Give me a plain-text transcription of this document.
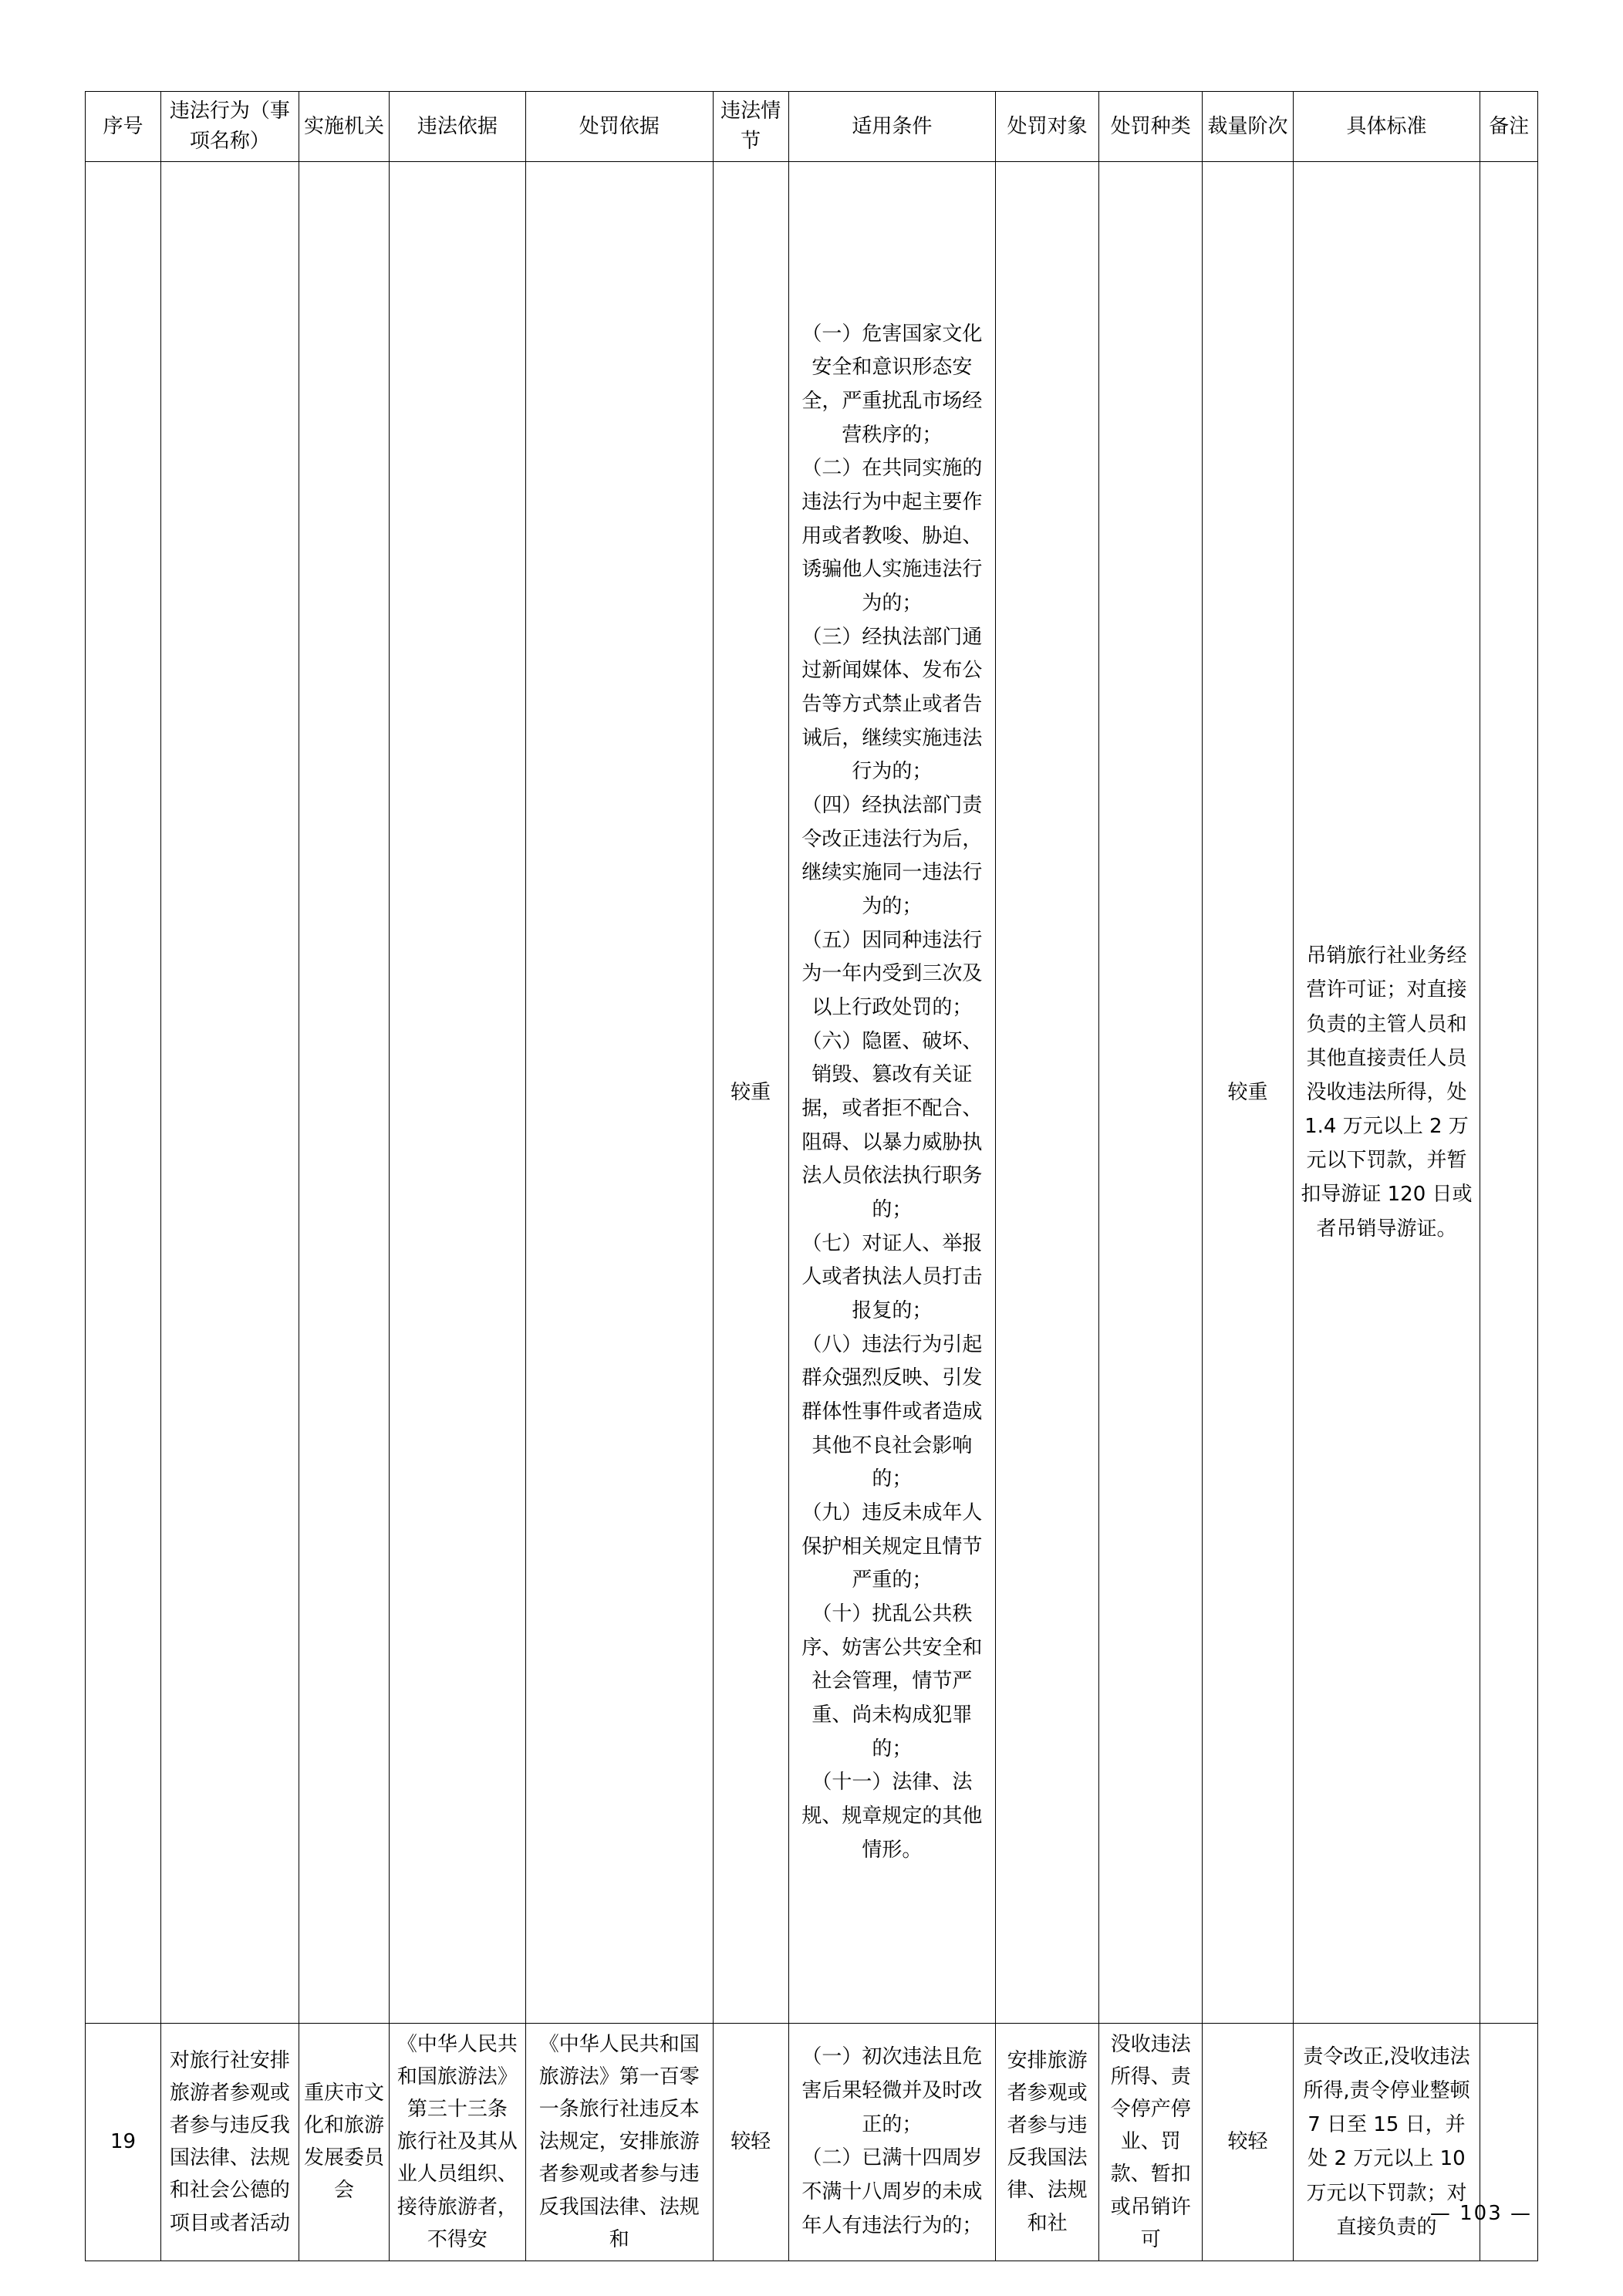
序号	违法行为（事项名称）	实施机关	违法依据	处罚依据	违法情节	适用条件	处罚对象	处罚种类	裁量阶次	具体标准	备注
					较重	（一）危害国家文化安全和意识形态安全，严重扰乱市场经营秩序的；
（二）在共同实施的违法行为中起主要作用或者教唆、胁迫、诱骗他人实施违法行为的；
（三）经执法部门通过新闻媒体、发布公告等方式禁止或者告诫后，继续实施违法行为的；
（四）经执法部门责令改正违法行为后，继续实施同一违法行为的；
（五）因同种违法行为一年内受到三次及以上行政处罚的；
（六）隐匿、破坏、销毁、篡改有关证据，或者拒不配合、阻碍、以暴力威胁执法人员依法执行职务的；
（七）对证人、举报人或者执法人员打击报复的；
（八）违法行为引起群众强烈反映、引发群体性事件或者造成其他不良社会影响的；
（九）违反未成年人保护相关规定且情节严重的；
（十）扰乱公共秩序、妨害公共安全和社会管理，情节严重、尚未构成犯罪的；
（十一）法律、法规、规章规定的其他情形。			较重	吊销旅行社业务经营许可证；对直接负责的主管人员和其他直接责任人员没收违法所得，处 1.4 万元以上 2 万元以下罚款，并暂扣导游证 120 日或者吊销导游证。	
19	对旅行社安排旅游者参观或者参与违反我国法律、法规和社会公德的项目或者活动	重庆市文化和旅游发展委员会	《中华人民共和国旅游法》第三十三条 旅行社及其从业人员组织、接待旅游者，不得安	《中华人民共和国旅游法》第一百零一条旅行社违反本法规定，安排旅游者参观或者参与违反我国法律、法规和	较轻	（一）初次违法且危害后果轻微并及时改正的；
（二）已满十四周岁不满十八周岁的未成年人有违法行为的；	安排旅游者参观或者参与违反我国法律、法规和社	没收违法所得、责令停产停业、罚款、暂扣或吊销许可	较轻	责令改正,没收违法所得,责令停业整顿 7 日至 15 日，并处 2 万元以上 10 万元以下罚款；对直接负责的	
— 103 —
